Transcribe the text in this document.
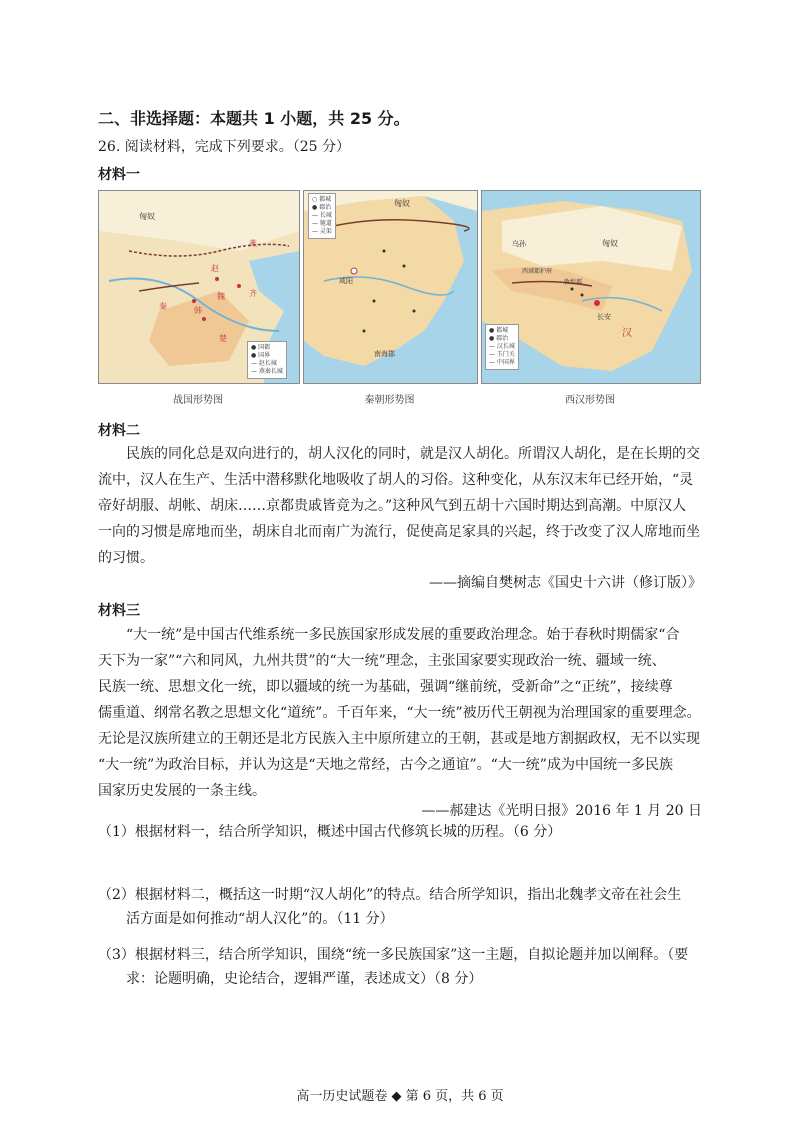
二、非选择题：本题共 1 小题，共 25 分。
26. 阅读材料，完成下列要求。（25 分）
材料一
匈奴
燕
赵
魏	齐
楚
秦	韩
● 国都
● 国界
— 赵长城
— 燕秦长城
战国形势图
匈奴
咸阳
南海郡
○ 都城
● 郡治
— 长城
— 驰道
— 灵渠
秦朝形势图
匈奴
乌孙
西域都护府
敦煌郡
长安
汉
● 都城
● 郡治
— 汉长城
— 玉门关
— 中国界
西汉形势图
材料二
民族的同化总是双向进行的，胡人汉化的同时，就是汉人胡化。所谓汉人胡化，是在长期的交
流中，汉人在生产、生活中潜移默化地吸收了胡人的习俗。这种变化，从东汉末年已经开始，“灵
帝好胡服、胡帐、胡床……京都贵戚皆竞为之。”这种风气到五胡十六国时期达到高潮。中原汉人
一向的习惯是席地而坐，胡床自北而南广为流行，促使高足家具的兴起，终于改变了汉人席地而坐
的习惯。
——摘编自樊树志《国史十六讲（修订版）》
材料三
“大一统”是中国古代维系统一多民族国家形成发展的重要政治理念。始于春秋时期儒家“合
天下为一家”“六和同风，九州共贯”的“大一统”理念，主张国家要实现政治一统、疆域一统、
民族一统、思想文化一统，即以疆域的统一为基础，强调“继前统，受新命”之“正统”，接续尊
儒重道、纲常名教之思想文化“道统”。千百年来，“大一统”被历代王朝视为治理国家的重要理念。
无论是汉族所建立的王朝还是北方民族入主中原所建立的王朝，甚或是地方割据政权，无不以实现
“大一统”为政治目标，并认为这是“天地之常经，古今之通谊”。“大一统”成为中国统一多民族
国家历史发展的一条主线。
——郝建达《光明日报》2016 年 1 月 20 日
（1）根据材料一，结合所学知识，概述中国古代修筑长城的历程。（6 分）
（2）根据材料二，概括这一时期“汉人胡化”的特点。结合所学知识，指出北魏孝文帝在社会生
活方面是如何推动“胡人汉化”的。（11 分）
（3）根据材料三，结合所学知识，围绕“统一多民族国家”这一主题，自拟论题并加以阐释。（要
求：论题明确，史论结合，逻辑严谨，表述成文）（8 分）
高一历史试题卷 ◆ 第 6 页，共 6 页
